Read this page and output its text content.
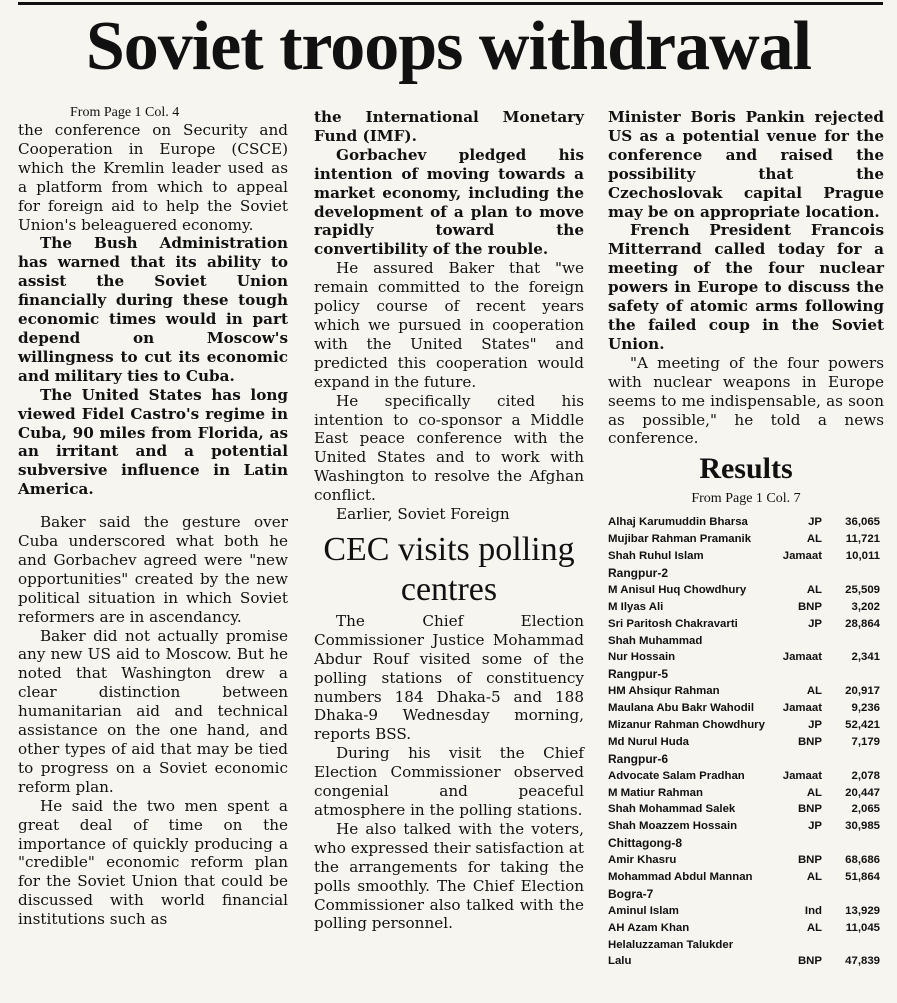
Soviet troops withdrawal

From Page 1 Col. 4

the conference on Security and Cooperation in Europe (CSCE) which the Kremlin leader used as a platform from which to appeal for foreign aid to help the Soviet Union's beleaguered economy.

The Bush Administration has warned that its ability to assist the Soviet Union financially during these tough economic times would in part depend on Moscow's willingness to cut its economic and military ties to Cuba.

The United States has long viewed Fidel Castro's regime in Cuba, 90 miles from Florida, as an irritant and a potential subversive influence in Latin America.

Baker said the gesture over Cuba underscored what both he and Gorbachev agreed were "new opportunities" created by the new political situation in which Soviet reformers are in ascendancy.

Baker did not actually promise any new US aid to Moscow. But he noted that Washington drew a clear distinction between humanitarian aid and technical assistance on the one hand, and other types of aid that may be tied to progress on a Soviet economic reform plan.

He said the two men spent a great deal of time on the importance of quickly producing a "credible" economic reform plan for the Soviet Union that could be discussed with world financial institutions such as

the International Monetary Fund (IMF).

Gorbachev pledged his intention of moving towards a market economy, including the development of a plan to move rapidly toward the convertibility of the rouble.

He assured Baker that "we remain committed to the foreign policy course of recent years which we pursued in cooperation with the United States" and predicted this cooperation would expand in the future.

He specifically cited his intention to co-sponsor a Middle East peace conference with the United States and to work with Washington to resolve the Afghan conflict.

Earlier, Soviet Foreign

CEC visits polling centres

The Chief Election Commissioner Justice Mohammad Abdur Rouf visited some of the polling stations of constituency numbers 184 Dhaka-5 and 188 Dhaka-9 Wednesday morning, reports BSS.

During his visit the Chief Election Commissioner observed congenial and peaceful atmosphere in the polling stations.

He also talked with the voters, who expressed their satisfaction at the arrangements for taking the polls smoothly. The Chief Election Commissioner also talked with the polling personnel.

Minister Boris Pankin rejected US as a potential venue for the conference and raised the possibility that the Czechoslovak capital Prague may be on appropriate location.

French President Francois Mitterrand called today for a meeting of the four nuclear powers in Europe to discuss the safety of atomic arms following the failed coup in the Soviet Union.

"A meeting of the four powers with nuclear weapons in Europe seems to me indispensable, as soon as possible," he told a news conference.

Results
From Page 1 Col. 7
Alhaj Karumuddin Bharsa	JP 36,065
Mujibar Rahman Pramanik	AL 11,721
Shah Ruhul Islam	Jamaat 10,011
Rangpur-2
M Anisul Huq Chowdhury	AL 25,509
M Ilyas Ali	BNP	3,202
Sri Paritosh Chakravarti	JP 28,864
Shah Muhammad
Nur Hossain	Jamaat	2,341
Rangpur-5
HM Ahsiqur Rahman	AL 20,917
Maulana Abu Bakr Wahodil	Jamaat	9,236
Mizanur Rahman Chowdhury	JP 52,421
Md Nurul Huda	BNP	7,179
Rangpur-6
Advocate Salam Pradhan	Jamaat	2,078
M Matiur Rahman	AL 20,447
Shah Mohammad Salek	BNP	2,065
Shah Moazzem Hossain	JP 30,985
Chittagong-8
Amir Khasru	BNP 68,686
Mohammad Abdul Mannan	AL 51,864
Bogra-7
Aminul Islam	Ind 13,929
AH Azam Khan	AL 11,045
Helaluzzaman Talukder
Lalu	BNP 47,839
